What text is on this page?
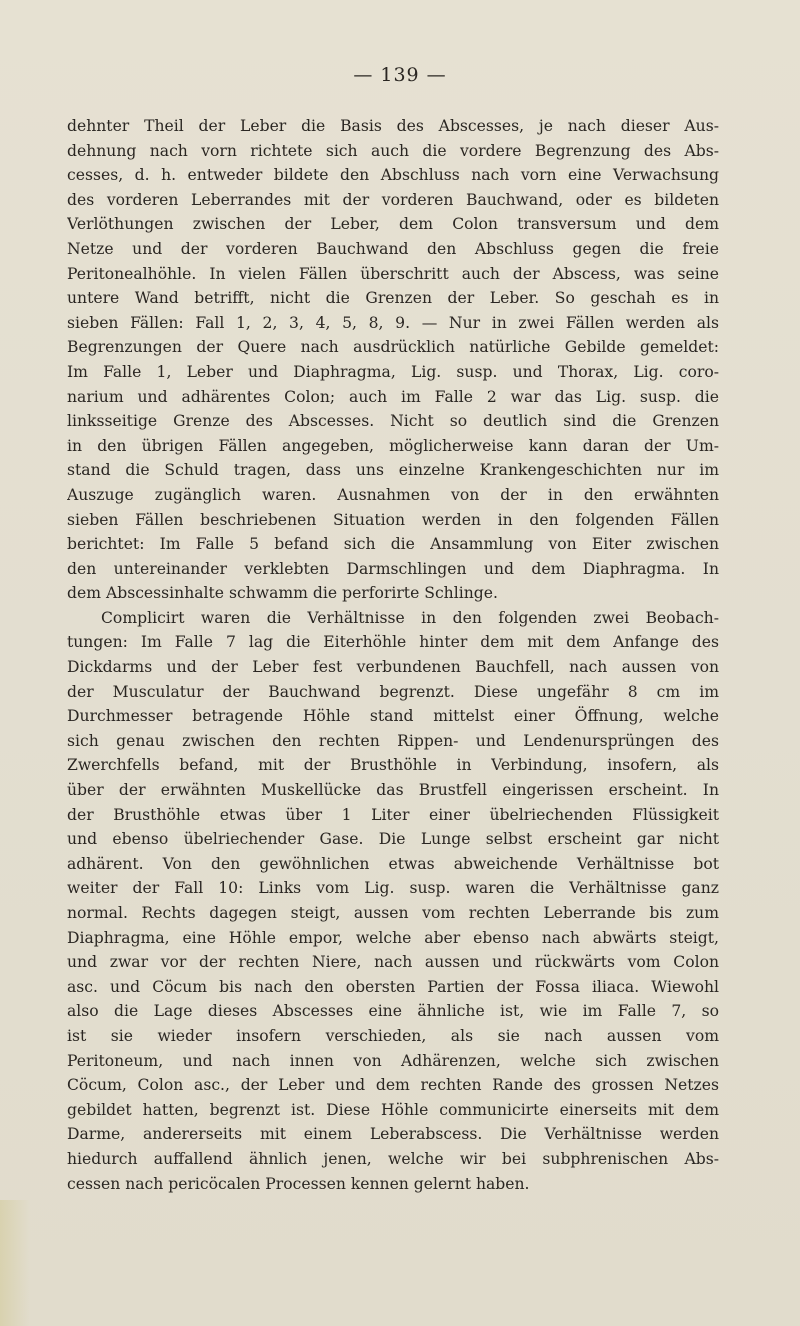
— 139 —
dehnter Theil der Leber die Basis des Abscesses, je nach dieser Aus-
dehnung nach vorn richtete sich auch die vordere Begrenzung des Abs-
cesses, d. h. entweder bildete den Abschluss nach vorn eine Verwachsung
des vorderen Leberrandes mit der vorderen Bauchwand, oder es bildeten
Verlöthungen zwischen der Leber, dem Colon transversum und dem
Netze und der vorderen Bauchwand den Abschluss gegen die freie
Peritonealhöhle. In vielen Fällen überschritt auch der Abscess, was seine
untere Wand betrifft, nicht die Grenzen der Leber. So geschah es in
sieben Fällen: Fall 1, 2, 3, 4, 5, 8, 9. — Nur in zwei Fällen werden als
Begrenzungen der Quere nach ausdrücklich natürliche Gebilde gemeldet:
Im Falle 1, Leber und Diaphragma, Lig. susp. und Thorax, Lig. coro-
narium und adhärentes Colon; auch im Falle 2 war das Lig. susp. die
linksseitige Grenze des Abscesses. Nicht so deutlich sind die Grenzen
in den übrigen Fällen angegeben, möglicherweise kann daran der Um-
stand die Schuld tragen, dass uns einzelne Krankengeschichten nur im
Auszuge zugänglich waren. Ausnahmen von der in den erwähnten
sieben Fällen beschriebenen Situation werden in den folgenden Fällen
berichtet: Im Falle 5 befand sich die Ansammlung von Eiter zwischen
den untereinander verklebten Darmschlingen und dem Diaphragma. In
dem Abscessinhalte schwamm die perforirte Schlinge.
Complicirt waren die Verhältnisse in den folgenden zwei Beobach-
tungen: Im Falle 7 lag die Eiterhöhle hinter dem mit dem Anfange des
Dickdarms und der Leber fest verbundenen Bauchfell, nach aussen von
der Musculatur der Bauchwand begrenzt. Diese ungefähr 8 cm im
Durchmesser betragende Höhle stand mittelst einer Öffnung, welche
sich genau zwischen den rechten Rippen- und Lendenursprüngen des
Zwerchfells befand, mit der Brusthöhle in Verbindung, insofern, als
über der erwähnten Muskellücke das Brustfell eingerissen erscheint. In
der Brusthöhle etwas über 1 Liter einer übelriechenden Flüssigkeit
und ebenso übelriechender Gase. Die Lunge selbst erscheint gar nicht
adhärent. Von den gewöhnlichen etwas abweichende Verhältnisse bot
weiter der Fall 10: Links vom Lig. susp. waren die Verhältnisse ganz
normal. Rechts dagegen steigt, aussen vom rechten Leberrande bis zum
Diaphragma, eine Höhle empor, welche aber ebenso nach abwärts steigt,
und zwar vor der rechten Niere, nach aussen und rückwärts vom Colon
asc. und Cöcum bis nach den obersten Partien der Fossa iliaca. Wiewohl
also die Lage dieses Abscesses eine ähnliche ist, wie im Falle 7, so
ist sie wieder insofern verschieden, als sie nach aussen vom
Peritoneum, und nach innen von Adhärenzen, welche sich zwischen
Cöcum, Colon asc., der Leber und dem rechten Rande des grossen Netzes
gebildet hatten, begrenzt ist. Diese Höhle communicirte einerseits mit dem
Darme, andererseits mit einem Leberabscess. Die Verhältnisse werden
hiedurch auffallend ähnlich jenen, welche wir bei subphrenischen Abs-
cessen nach pericöcalen Processen kennen gelernt haben.
